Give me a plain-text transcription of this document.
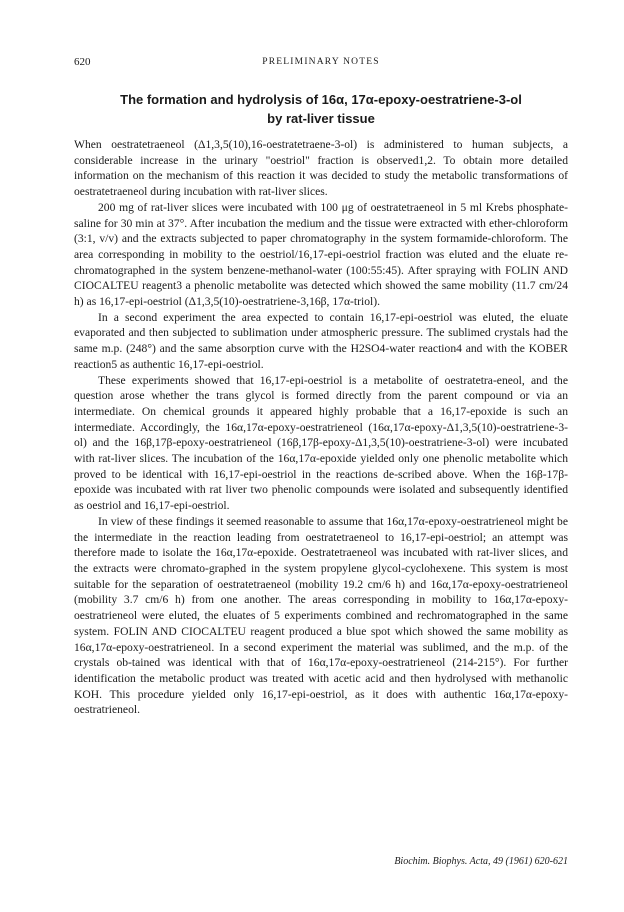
620	PRELIMINARY NOTES
The formation and hydrolysis of 16α, 17α-epoxy-oestratriene-3-ol
by rat-liver tissue

When oestratetraeneol (Δ1,3,5(10),16-oestratetraene-3-ol) is administered to human subjects, a considerable increase in the urinary "oestriol" fraction is observed1,2. To obtain more detailed information on the mechanism of this reaction it was decided to study the metabolic transformations of oestratetraeneol during incubation with rat-liver slices.

200 mg of rat-liver slices were incubated with 100 μg of oestratetraeneol in 5 ml Krebs phosphate-saline for 30 min at 37°. After incubation the medium and the tissue were extracted with ether-chloroform (3:1, v/v) and the extracts subjected to paper chromatography in the system formamide-chloroform. The area corresponding in mobility to the oestriol/16,17-epi-oestriol fraction was eluted and the eluate re-chromatographed in the system benzene-methanol-water (100:55:45). After spraying with FOLIN AND CIOCALTEU reagent3 a phenolic metabolite was detected which showed the same mobility (11.7 cm/24 h) as 16,17-epi-oestriol (Δ1,3,5(10)-oestratriene-3,16β, 17α-triol).

In a second experiment the area expected to contain 16,17-epi-oestriol was eluted, the eluate evaporated and then subjected to sublimation under atmospheric pressure. The sublimed crystals had the same m.p. (248°) and the same absorption curve with the H2SO4-water reaction4 and with the KOBER reaction5 as authentic 16,17-epi-oestriol.

These experiments showed that 16,17-epi-oestriol is a metabolite of oestratetra-eneol, and the question arose whether the trans glycol is formed directly from the parent compound or via an intermediate. On chemical grounds it appeared highly probable that a 16,17-epoxide is such an intermediate. Accordingly, the 16α,17α-epoxy-oestratrieneol (16α,17α-epoxy-Δ1,3,5(10)-oestratriene-3-ol) and the 16β,17β-epoxy-oestratrieneol (16β,17β-epoxy-Δ1,3,5(10)-oestratriene-3-ol) were incubated with rat-liver slices. The incubation of the 16α,17α-epoxide yielded only one phenolic metabolite which proved to be identical with 16,17-epi-oestriol in the reactions de-scribed above. When the 16β-17β-epoxide was incubated with rat liver two phenolic compounds were isolated and subsequently identified as oestriol and 16,17-epi-oestriol.

In view of these findings it seemed reasonable to assume that 16α,17α-epoxy-oestratrieneol might be the intermediate in the reaction leading from oestratetraeneol to 16,17-epi-oestriol; an attempt was therefore made to isolate the 16α,17α-epoxide. Oestratetraeneol was incubated with rat-liver slices, and the extracts were chromato-graphed in the system propylene glycol-cyclohexene. This system is most suitable for the separation of oestratetraeneol (mobility 19.2 cm/6 h) and 16α,17α-epoxy-oestratrieneol (mobility 3.7 cm/6 h) from one another. The areas corresponding in mobility to 16α,17α-epoxy-oestratrieneol were eluted, the eluates of 5 experiments combined and rechromatographed in the same system. FOLIN AND CIOCALTEU reagent produced a blue spot which showed the same mobility as 16α,17α-epoxy-oestratrieneol. In a second experiment the material was sublimed, and the m.p. of the crystals ob-tained was identical with that of 16α,17α-epoxy-oestratrieneol (214-215°). For further identification the metabolic product was treated with acetic acid and then hydrolysed with methanolic KOH. This procedure yielded only 16,17-epi-oestriol, as it does with authentic 16α,17α-epoxy-oestratrieneol.

Biochim. Biophys. Acta, 49 (1961) 620-621
